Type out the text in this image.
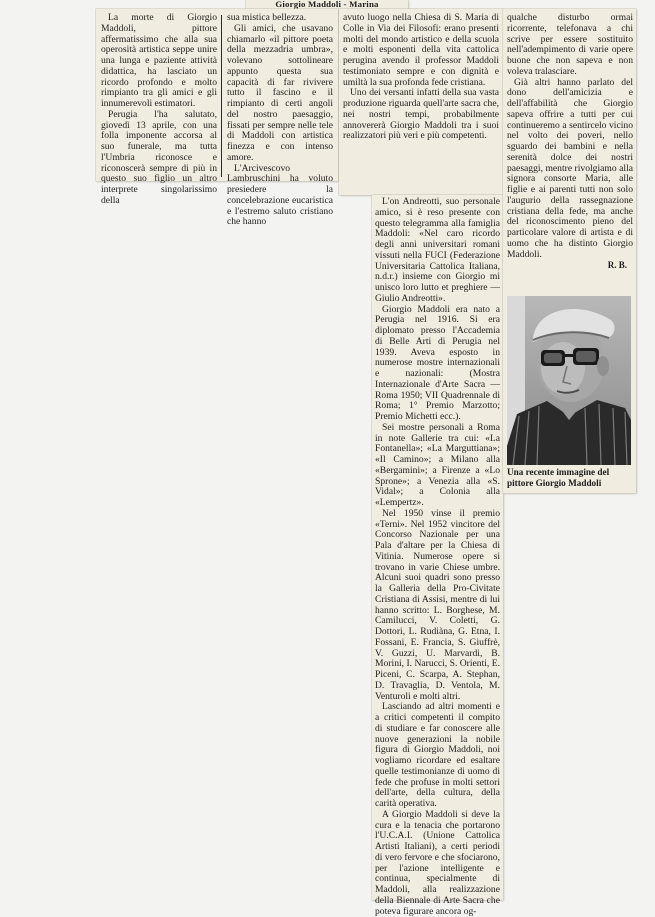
Giorgio Maddoli - Marina

La morte di Giorgio Maddoli, pittore affermatissimo che alla sua operosità artistica seppe unire una lunga e paziente attività didattica, ha lasciato un ricordo profondo e molto rimpianto tra gli amici e gli innumerevoli estimatori.

Perugia l'ha salutato, giovedì 13 aprile, con una folla imponente accorsa al suo funerale, ma tutta l'Umbria riconosce e riconoscerà sempre di più in questo suo figlio un altro interprete singolarissimo della

sua mistica bellezza.

Gli amici, che usavano chiamarlo «il pittore poeta della mezzadria umbra», volevano sottolineare appunto questa sua capacità di far rivivere tutto il fascino e il rimpianto di certi angoli del nostro paesaggio, fissati per sempre nelle tele di Maddoli con artistica finezza e con intenso amore.

L'Arcivescovo Lambruschini ha voluto presiedere la concelebrazione eucaristica e l'estremo saluto cristiano che hanno

avuto luogo nella Chiesa di S. Maria di Colle in Via dei Filosofi: erano presenti molti del mondo artistico e della scuola e molti esponenti della vita cattolica perugina avendo il professor Maddoli testimoniato sempre e con dignità e umiltà la sua profonda fede cristiana.

Uno dei versanti infatti della sua vasta produzione riguarda quell'arte sacra che, nei nostri tempi, probabilmente annovererà Giorgio Maddoli tra i suoi realizzatori più veri e più competenti.

L'on Andreotti, suo personale amico, si è reso presente con questo telegramma alla famiglia Maddoli: «Nel caro ricordo degli anni universitari romani vissuti nella FUCI (Federazione Universitaria Cattolica Italiana, n.d.r.) insieme con Giorgio mi unisco loro lutto et preghiere — Giulio Andreotti».

Giorgio Maddoli era nato a Perugia nel 1916. Si era diplomato presso l'Accademia di Belle Arti di Perugia nel 1939. Aveva esposto in numerose mostre internazionali e nazionali: (Mostra Internazionale d'Arte Sacra — Roma 1950; VII Quadrennale di Roma; 1° Premio Marzotto; Premio Michetti ecc.).

Sei mostre personali a Roma in note Gallerie tra cui: «La Fontanella»; «La Marguttiana»; «Il Camino»; a Milano alla «Bergamini»; a Firenze a «Lo Sprone»; a Venezia alla «S. Vidal»; a Colonia alla «Lempertz».

Nel 1950 vinse il premio «Terni». Nel 1952 vincitore del Concorso Nazionale per una Pala d'altare per la Chiesa di Vitinia. Numerose opere si trovano in varie Chiese umbre. Alcuni suoi quadri sono presso la Galleria della Pro-Civitate Cristiana di Assisi, mentre di lui hanno scritto: L. Borghese, M. Camilucci, V. Coletti, G. Dottori, L. Rudiàna, G. Etna, I. Fossani, E. Francia, S. Giuffrè, V. Guzzi, U. Marvardi, B. Morini, I. Narucci, S. Orienti, E. Piceni, C. Scarpa, A. Stephan, D. Travaglia, D. Ventola, M. Venturoli e molti altri.

Lasciando ad altri momenti e a critici competenti il compito di studiare e far conoscere alle nuove generazioni la nobile figura di Giorgio Maddoli, noi vogliamo ricordare ed esaltare quelle testimonianze di uomo di fede che profuse in molti settori dell'arte, della cultura, della carità operativa.

A Giorgio Maddoli si deve la cura e la tenacia che portarono l'U.C.A.I. (Unione Cattolica Artisti Italiani), a certi periodi di vero fervore e che sfociarono, per l'azione intelligente e continua, specialmente di Maddoli, alla realizzazione della Biennale di Arte Sacra che poteva figurare ancora og-

qualche disturbo ormai ricorrente, telefonava a chi scrive per essere sostituito nell'adempimento di varie opere buone che non sapeva e non voleva tralasciare.

Già altri hanno parlato del dono dell'amicizia e dell'affabilità che Giorgio sapeva offrire a tutti per cui continueremo a sentircelo vicino nel volto dei poveri, nello sguardo dei bambini e nella serenità dolce dei nostri paesaggi, mentre rivolgiamo alla signora consorte Maria, alle figlie e ai parenti tutti non solo l'augurio della rassegnazione cristiana della fede, ma anche del riconoscimento pieno del particolare valore di artista e di uomo che ha distinto Giorgio Maddoli.

R. B.
Una recente immagine del pittore Giorgio Maddoli
